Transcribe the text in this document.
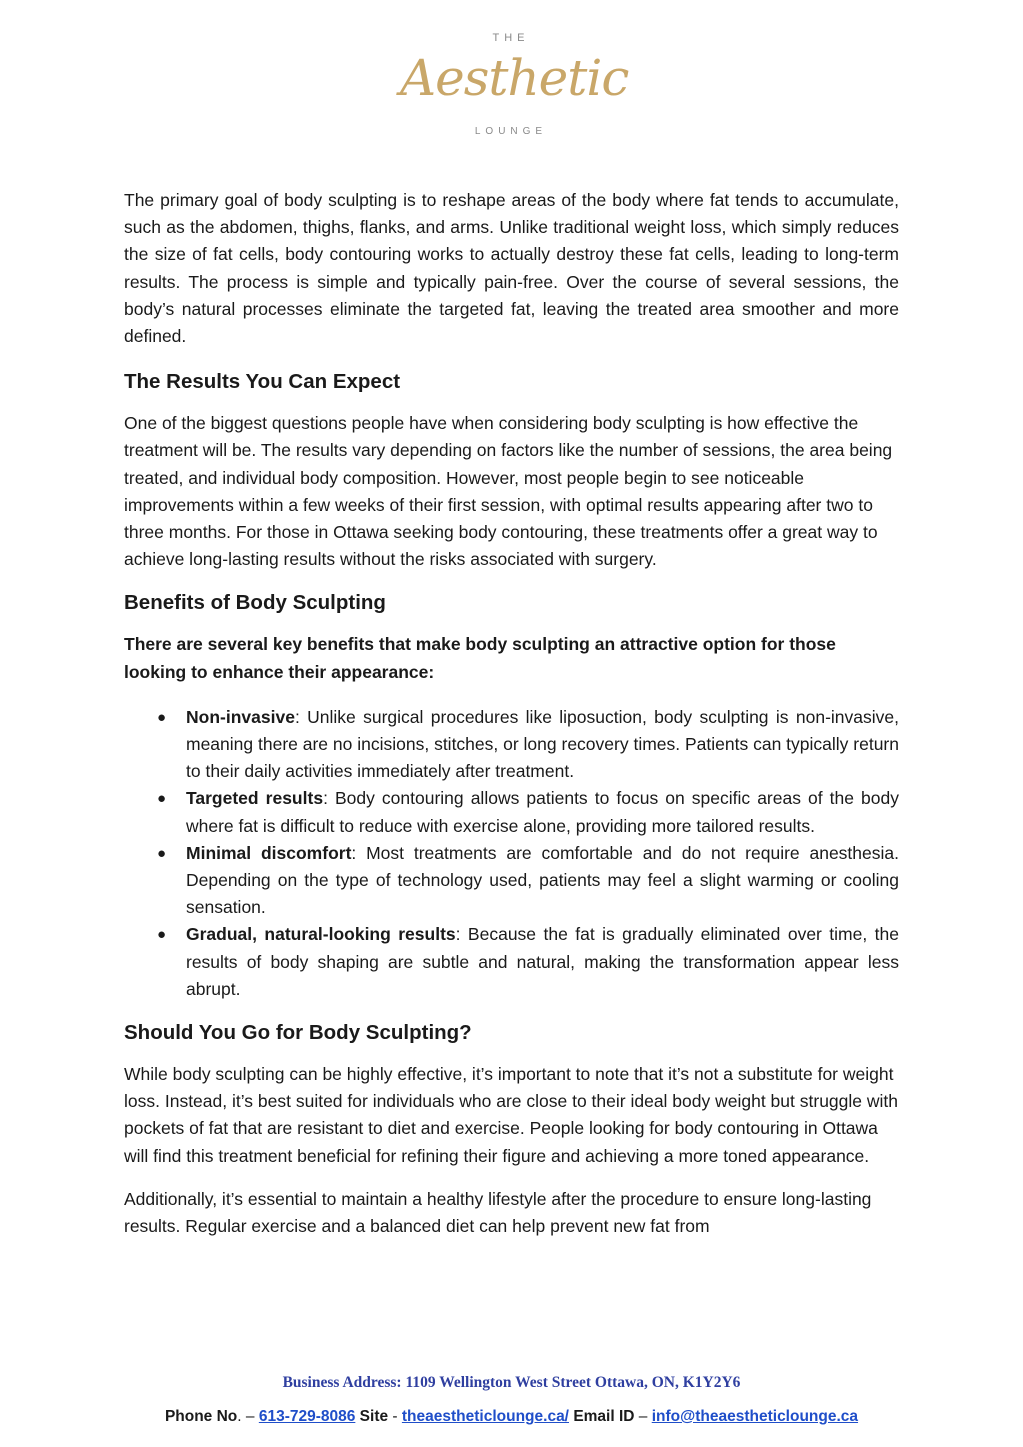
THE
Aesthetic
LOUNGE

The primary goal of body sculpting is to reshape areas of the body where fat tends to accumulate, such as the abdomen, thighs, flanks, and arms. Unlike traditional weight loss, which simply reduces the size of fat cells, body contouring works to actually destroy these fat cells, leading to long-term results. The process is simple and typically pain-free. Over the course of several sessions, the body’s natural processes eliminate the targeted fat, leaving the treated area smoother and more defined.

The Results You Can Expect

One of the biggest questions people have when considering body sculpting is how effective the treatment will be. The results vary depending on factors like the number of sessions, the area being treated, and individual body composition. However, most people begin to see noticeable improvements within a few weeks of their first session, with optimal results appearing after two to three months. For those in Ottawa seeking body contouring, these treatments offer a great way to achieve long-lasting results without the risks associated with surgery.

Benefits of Body Sculpting

There are several key benefits that make body sculpting an attractive option for those looking to enhance their appearance:

● Non-invasive: Unlike surgical procedures like liposuction, body sculpting is non-invasive, meaning there are no incisions, stitches, or long recovery times. Patients can typically return to their daily activities immediately after treatment.
● Targeted results: Body contouring allows patients to focus on specific areas of the body where fat is difficult to reduce with exercise alone, providing more tailored results.
● Minimal discomfort: Most treatments are comfortable and do not require anesthesia. Depending on the type of technology used, patients may feel a slight warming or cooling sensation.
● Gradual, natural-looking results: Because the fat is gradually eliminated over time, the results of body shaping are subtle and natural, making the transformation appear less abrupt.
Should You Go for Body Sculpting?

While body sculpting can be highly effective, it’s important to note that it’s not a substitute for weight loss. Instead, it’s best suited for individuals who are close to their ideal body weight but struggle with pockets of fat that are resistant to diet and exercise. People looking for body contouring in Ottawa will find this treatment beneficial for refining their figure and achieving a more toned appearance.

Additionally, it’s essential to maintain a healthy lifestyle after the procedure to ensure long-lasting results. Regular exercise and a balanced diet can help prevent new fat from

Business Address: 1109 Wellington West Street Ottawa, ON, K1Y2Y6
Phone No. – 613-729-8086 Site - theaestheticlounge.ca/ Email ID – info@theaestheticlounge.ca
